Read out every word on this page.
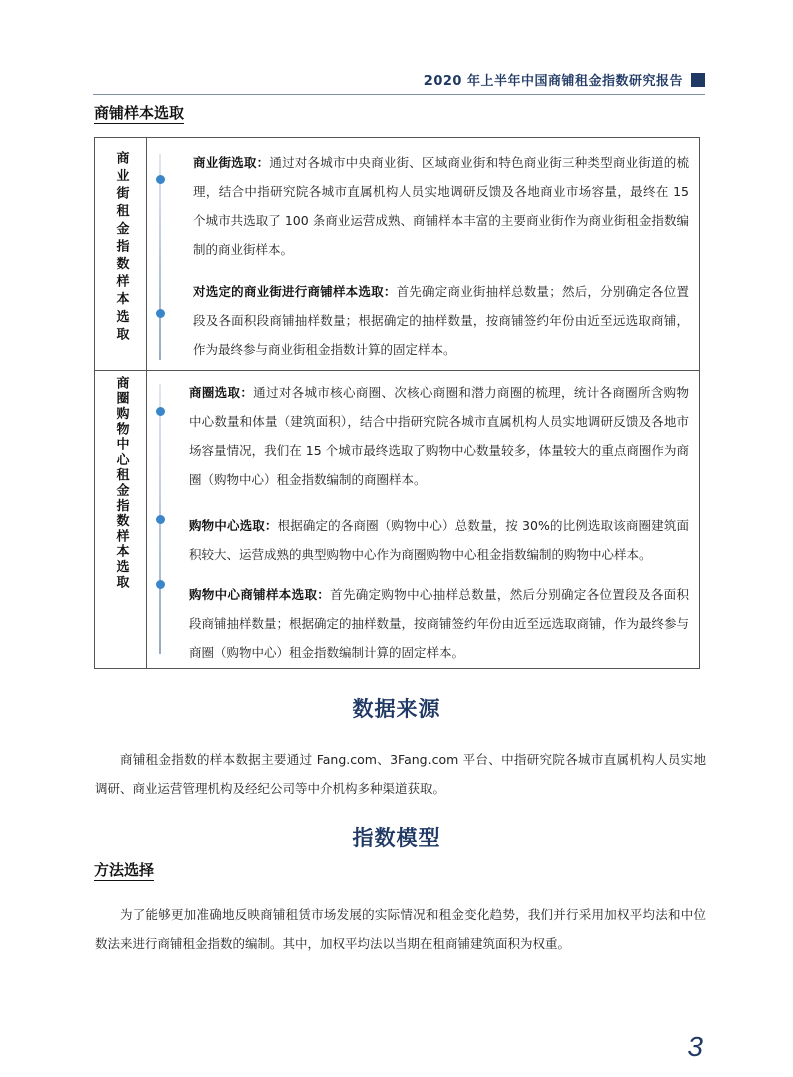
2020 年上半年中国商铺租金指数研究报告
商铺样本选取
商业街租金指数样本选取	商业街选取：通过对各城市中央商业街、区域商业街和特色商业街三种类型商业街道的梳理，结合中指研究院各城市直属机构人员实地调研反馈及各地商业市场容量，最终在 15 个城市共选取了 100 条商业运营成熟、商铺样本丰富的主要商业街作为商业街租金指数编制的商业街样本。
对选定的商业街进行商铺样本选取：首先确定商业街抽样总数量；然后，分别确定各位置段及各面积段商铺抽样数量；根据确定的抽样数量，按商铺签约年份由近至远选取商铺，作为最终参与商业街租金指数计算的固定样本。
商圈购物中心租金指数样本选取	商圈选取：通过对各城市核心商圈、次核心商圈和潜力商圈的梳理，统计各商圈所含购物中心数量和体量（建筑面积），结合中指研究院各城市直属机构人员实地调研反馈及各地市场容量情况，我们在 15 个城市最终选取了购物中心数量较多，体量较大的重点商圈作为商圈（购物中心）租金指数编制的商圈样本。
购物中心选取：根据确定的各商圈（购物中心）总数量，按 30%的比例选取该商圈建筑面积较大、运营成熟的典型购物中心作为商圈购物中心租金指数编制的购物中心样本。
购物中心商铺样本选取：首先确定购物中心抽样总数量，然后分别确定各位置段及各面积段商铺抽样数量；根据确定的抽样数量，按商铺签约年份由近至远选取商铺，作为最终参与商圈（购物中心）租金指数编制计算的固定样本。
数据来源
商铺租金指数的样本数据主要通过 Fang.com、3Fang.com 平台、中指研究院各城市直属机构人员实地调研、商业运营管理机构及经纪公司等中介机构多种渠道获取。
指数模型
方法选择
为了能够更加准确地反映商铺租赁市场发展的实际情况和租金变化趋势，我们并行采用加权平均法和中位数法来进行商铺租金指数的编制。其中，加权平均法以当期在租商铺建筑面积为权重。
3
